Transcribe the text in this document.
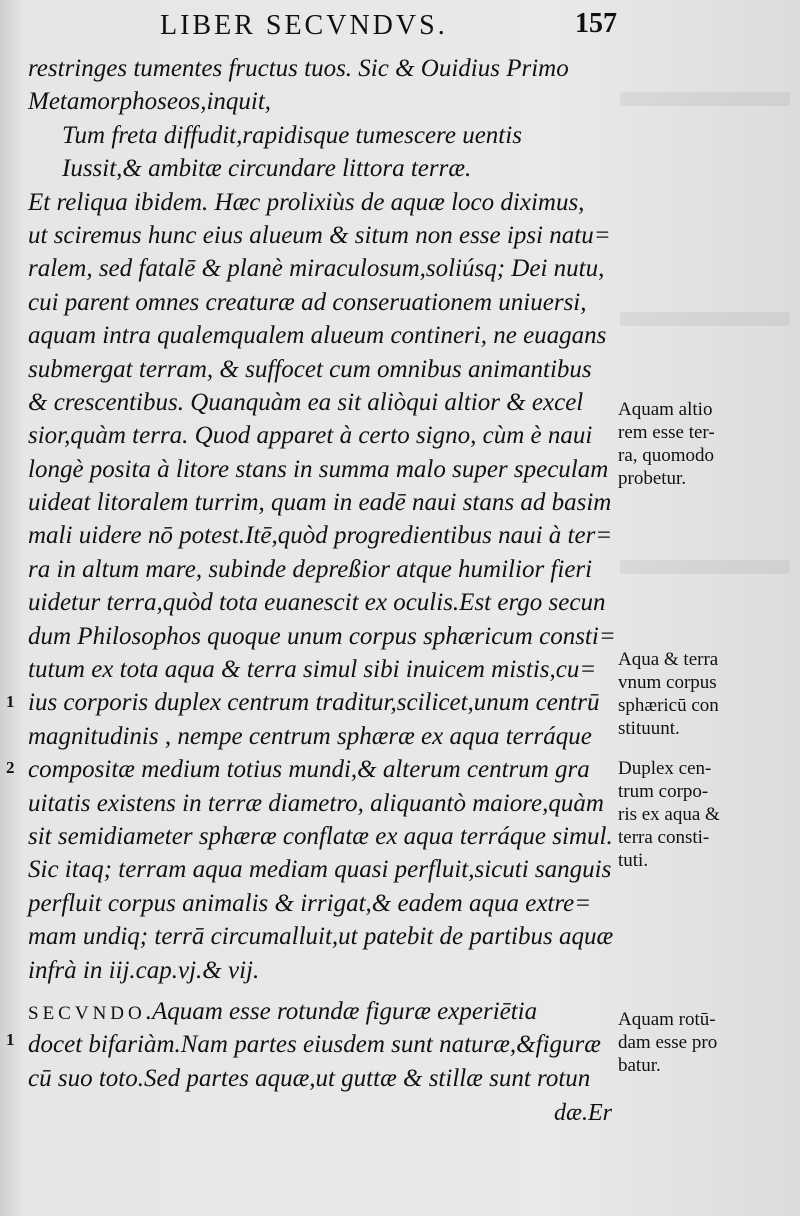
LIBER SECVNDVS.	157
restringes tumentes fructus tuos. Sic & Ouidius Primo
Metamorphoseos,inquit,
Tum freta diffudit,rapidisque tumescere uentis
Iussit,& ambitæ circundare littora terræ.
Et reliqua ibidem. Hæc prolixiùs de aquæ loco diximus,
ut sciremus hunc eius alueum & situm non esse ipsi natu=
ralem, sed fatalē & planè miraculosum,soliúsq; Dei nutu,
cui parent omnes creaturæ ad conseruationem uniuersi,
aquam intra qualemqualem alueum contineri, ne euagans
submergat terram, & suffocet cum omnibus animantibus
& crescentibus. Quanquàm ea sit aliòqui altior & excel
sior,quàm terra. Quod apparet à certo signo, cùm è naui
longè posita à litore stans in summa malo super speculam
uideat litoralem turrim, quam in eadē naui stans ad basim
mali uidere nō potest.Itē,quòd progredientibus naui à ter=
ra in altum mare, subinde depreßior atque humilior fieri
uidetur terra,quòd tota euanescit ex oculis.Est ergo secun
dum Philosophos quoque unum corpus sphæricum consti=
tutum ex tota aqua & terra simul sibi inuicem mistis,cu=
ius corporis duplex centrum traditur,scilicet,unum centrū
magnitudinis , nempe centrum sphæræ ex aqua terráque
compositæ medium totius mundi,& alterum centrum gra
uitatis existens in terræ diametro, aliquantò maiore,quàm
sit semidiameter sphæræ conflatæ ex aqua terráque simul.
Sic itaq; terram aqua mediam quasi perfluit,sicuti sanguis
perfluit corpus animalis & irrigat,& eadem aqua extre=
mam undiq; terrā circumalluit,ut patebit de partibus aquæ
infrà in iij.cap.vj.& vij.
SECVNDO.Aquam esse rotundæ figuræ experiētia
docet bifariàm.Nam partes eiusdem sunt naturæ,&figuræ
cū suo toto.Sed partes aquæ,ut guttæ & stillæ sunt rotun
dæ.Er
Aquam altio
rem esse ter-
ra, quomodo
probetur.
Aqua & terra
vnum corpus
sphæricū con
stituunt.
Duplex cen-
trum corpo-
ris ex aqua &
terra consti-
tuti.
Aquam rotū-
dam esse pro
batur.
1
2
1
